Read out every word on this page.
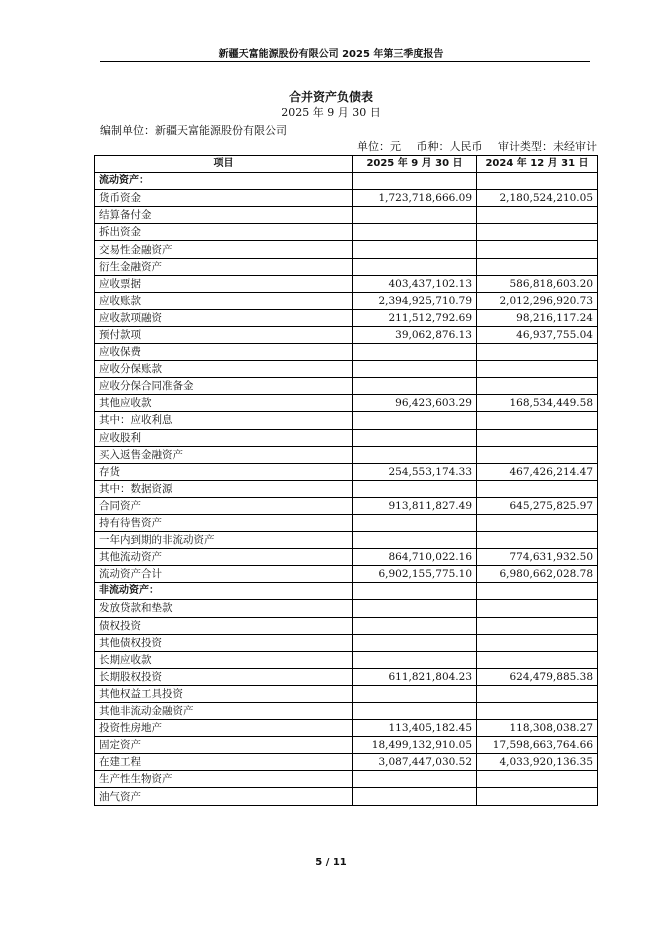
新疆天富能源股份有限公司 2025 年第三季度报告
合并资产负债表
2025 年 9 月 30 日
编制单位：新疆天富能源股份有限公司
单位：元 币种：人民币 审计类型：未经审计
项目	2025 年 9 月 30 日	2024 年 12 月 31 日
流动资产：		
货币资金	1,723,718,666.09	2,180,524,210.05
结算备付金		
拆出资金		
交易性金融资产		
衍生金融资产		
应收票据	403,437,102.13	586,818,603.20
应收账款	2,394,925,710.79	2,012,296,920.73
应收款项融资	211,512,792.69	98,216,117.24
预付款项	39,062,876.13	46,937,755.04
应收保费		
应收分保账款		
应收分保合同准备金		
其他应收款	96,423,603.29	168,534,449.58
其中：应收利息		
应收股利		
买入返售金融资产		
存货	254,553,174.33	467,426,214.47
其中：数据资源		
合同资产	913,811,827.49	645,275,825.97
持有待售资产		
一年内到期的非流动资产		
其他流动资产	864,710,022.16	774,631,932.50
流动资产合计	6,902,155,775.10	6,980,662,028.78
非流动资产：		
发放贷款和垫款		
债权投资		
其他债权投资		
长期应收款		
长期股权投资	611,821,804.23	624,479,885.38
其他权益工具投资		
其他非流动金融资产		
投资性房地产	113,405,182.45	118,308,038.27
固定资产	18,499,132,910.05	17,598,663,764.66
在建工程	3,087,447,030.52	4,033,920,136.35
生产性生物资产		
油气资产		
5 / 11
